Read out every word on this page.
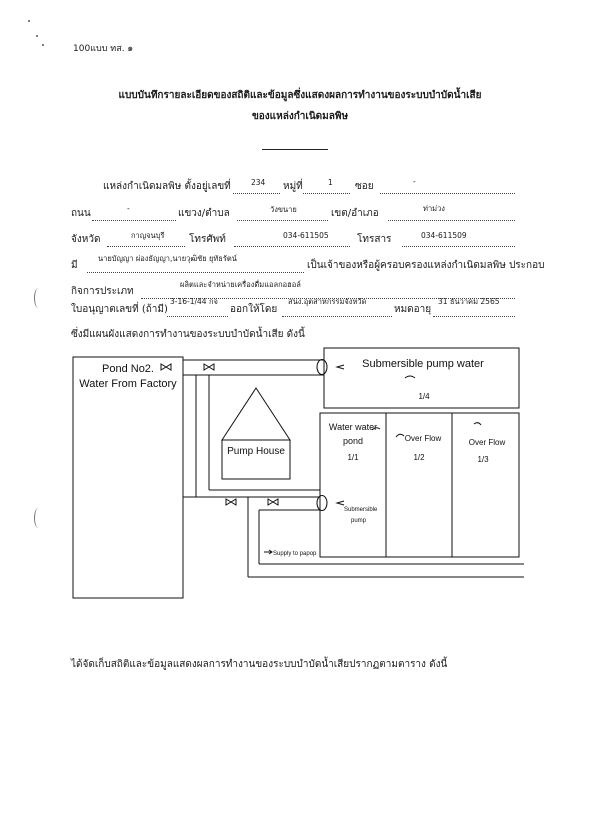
100แบบ ทส. ๑
แบบบันทึกรายละเอียดของสถิติและข้อมูลซึ่งแสดงผลการทำงานของระบบบำบัดน้ำเสีย
ของแหล่งกำเนิดมลพิษ
แหล่งกำเนิดมลพิษ ตั้งอยู่เลขที่	234 หมู่ที่	1 ซอย	-
ถนน	-	แขวง/ตำบล	วังขนาย	เขต/อำเภอ	ท่าม่วง
จังหวัด	กาญจนบุรี โทรศัพท์	034-611505	โทรสาร	034-611509
มี
นายบัญญา ผ่องธัญญา,นายวุฒิชัย ยุทัธรัตน์
เป็นเจ้าของหรือผู้ครอบครองแหล่งกำเนิดมลพิษ ประกอบ
กิจการประเภท
ผลิตและจำหน่ายเครื่องดื่มแอลกอฮอล์
ใบอนุญาตเลขที่ (ถ้ามี)
3-16-1/44 กจ
ออกให้โดย
สนง.อุตสาหกรรมจังหวัด
หมดอายุ
31 ธันวาคม 2565
ซึ่งมีแผนผังแสดงการทำงานของระบบบำบัดน้ำเสีย ดังนี้
Pond No2.
Water From Factory
Pump House
Submersible pump water
1/4
Water water
pond
1/1
Over Flow
1/2
Over Flow
1/3
Submersible
pump
Supply to papop
ได้จัดเก็บสถิติและข้อมูลแสดงผลการทำงานของระบบบำบัดน้ำเสียปรากฏตามตาราง ดังนี้
